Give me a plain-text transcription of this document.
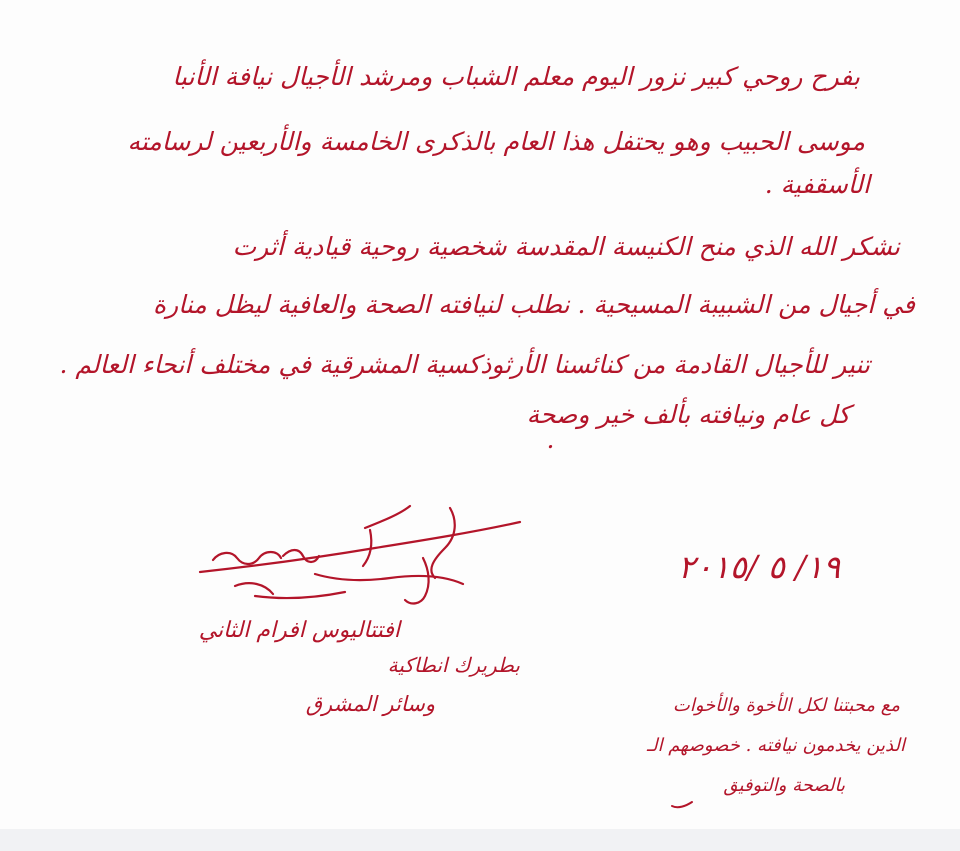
بفرح روحي كبير نزور اليوم معلم الشباب ومرشد الأجيال نيافة الأنبا
موسى الحبيب وهو يحتفل هذا العام بالذكرى الخامسة والأربعين لرسامته
الأسقفية .
نشكر الله الذي منح الكنيسة المقدسة شخصية روحية قيادية أثرت
في أجيال من الشبيبة المسيحية . نطلب لنيافته الصحة والعافية ليظل منارة
تنير للأجيال القادمة من كنائسنا الأرثوذكسية المشرقية في مختلف أنحاء العالم .
كل عام ونيافته بألف خير وصحة
.
افتتاليوس افرام الثاني
بطريرك انطاكية
وسائر المشرق
١٩/ ٥ /٢٠١٥
مع محبتنا لكل الأخوة والأخوات
الذين يخدمون نيافته . خصوصهم الـ
بالصحة والتوفيق
